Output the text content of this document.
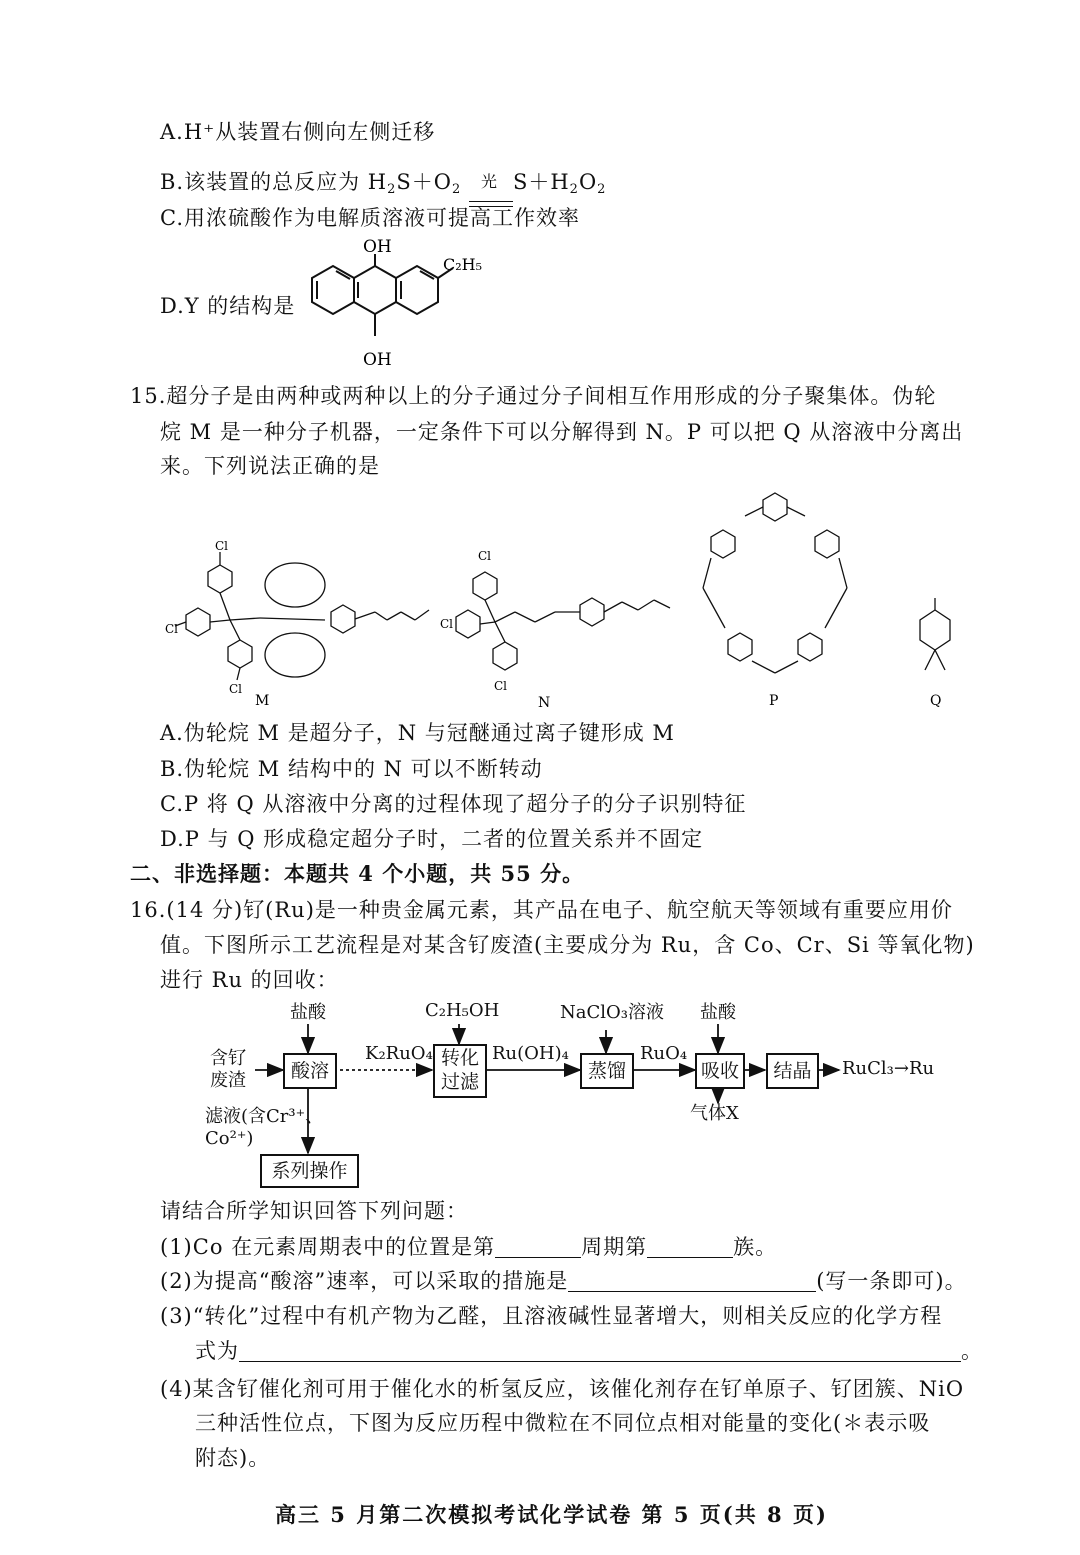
A.H⁺从装置右侧向左侧迁移
B.该装置的总反应为 $H_2S+O_2$ 光 $S+H_2O_2$
C.用浓硫酸作为电解质溶液可提高工作效率
D.Y 的结构是
OH
OH
C₂H₅
15.超分子是由两种或两种以上的分子通过分子间相互作用形成的分子聚集体。伪轮
烷 M 是一种分子机器，一定条件下可以分解得到 N。P 可以把 Q 从溶液中分离出
来。下列说法正确的是
Cl
Cl
Cl
M
Cl
Cl
Cl
N	P	Q
A.伪轮烷 M 是超分子，N 与冠醚通过离子键形成 M
B.伪轮烷 M 结构中的 N 可以不断转动
C.P 将 Q 从溶液中分离的过程体现了超分子的分子识别特征
D.P 与 Q 形成稳定超分子时，二者的位置关系并不固定
二、非选择题：本题共 4 个小题，共 55 分。
16.(14 分)钌(Ru)是一种贵金属元素，其产品在电子、航空航天等领域有重要应用价
值。下图所示工艺流程是对某含钌废渣(主要成分为 Ru，含 Co、Cr、Si 等氧化物)
进行 Ru 的回收：
含钌
废渣
盐酸
酸溶
K₂RuO₄
C₂H₅OH
转化
过滤
Ru(OH)₄
NaClO₃溶液
蒸馏
RuO₄
盐酸
吸收
气体X
结晶	RuCl₃→Ru
滤液(含Cr³⁺、
Co²⁺)
系列操作
请结合所学知识回答下列问题：
(1)Co 在元素周期表中的位置是第	周期第	族。
(2)为提高“酸溶”速率，可以采取的措施是	(写一条即可)。
(3)“转化”过程中有机产物为乙醛，且溶液碱性显著增大，则相关反应的化学方程
式为	。
(4)某含钌催化剂可用于催化水的析氢反应，该催化剂存在钌单原子、钌团簇、NiO
三种活性位点，下图为反应历程中微粒在不同位点相对能量的变化(＊表示吸
附态)。
高三 5 月第二次模拟考试化学试卷 第 5 页(共 8 页)
